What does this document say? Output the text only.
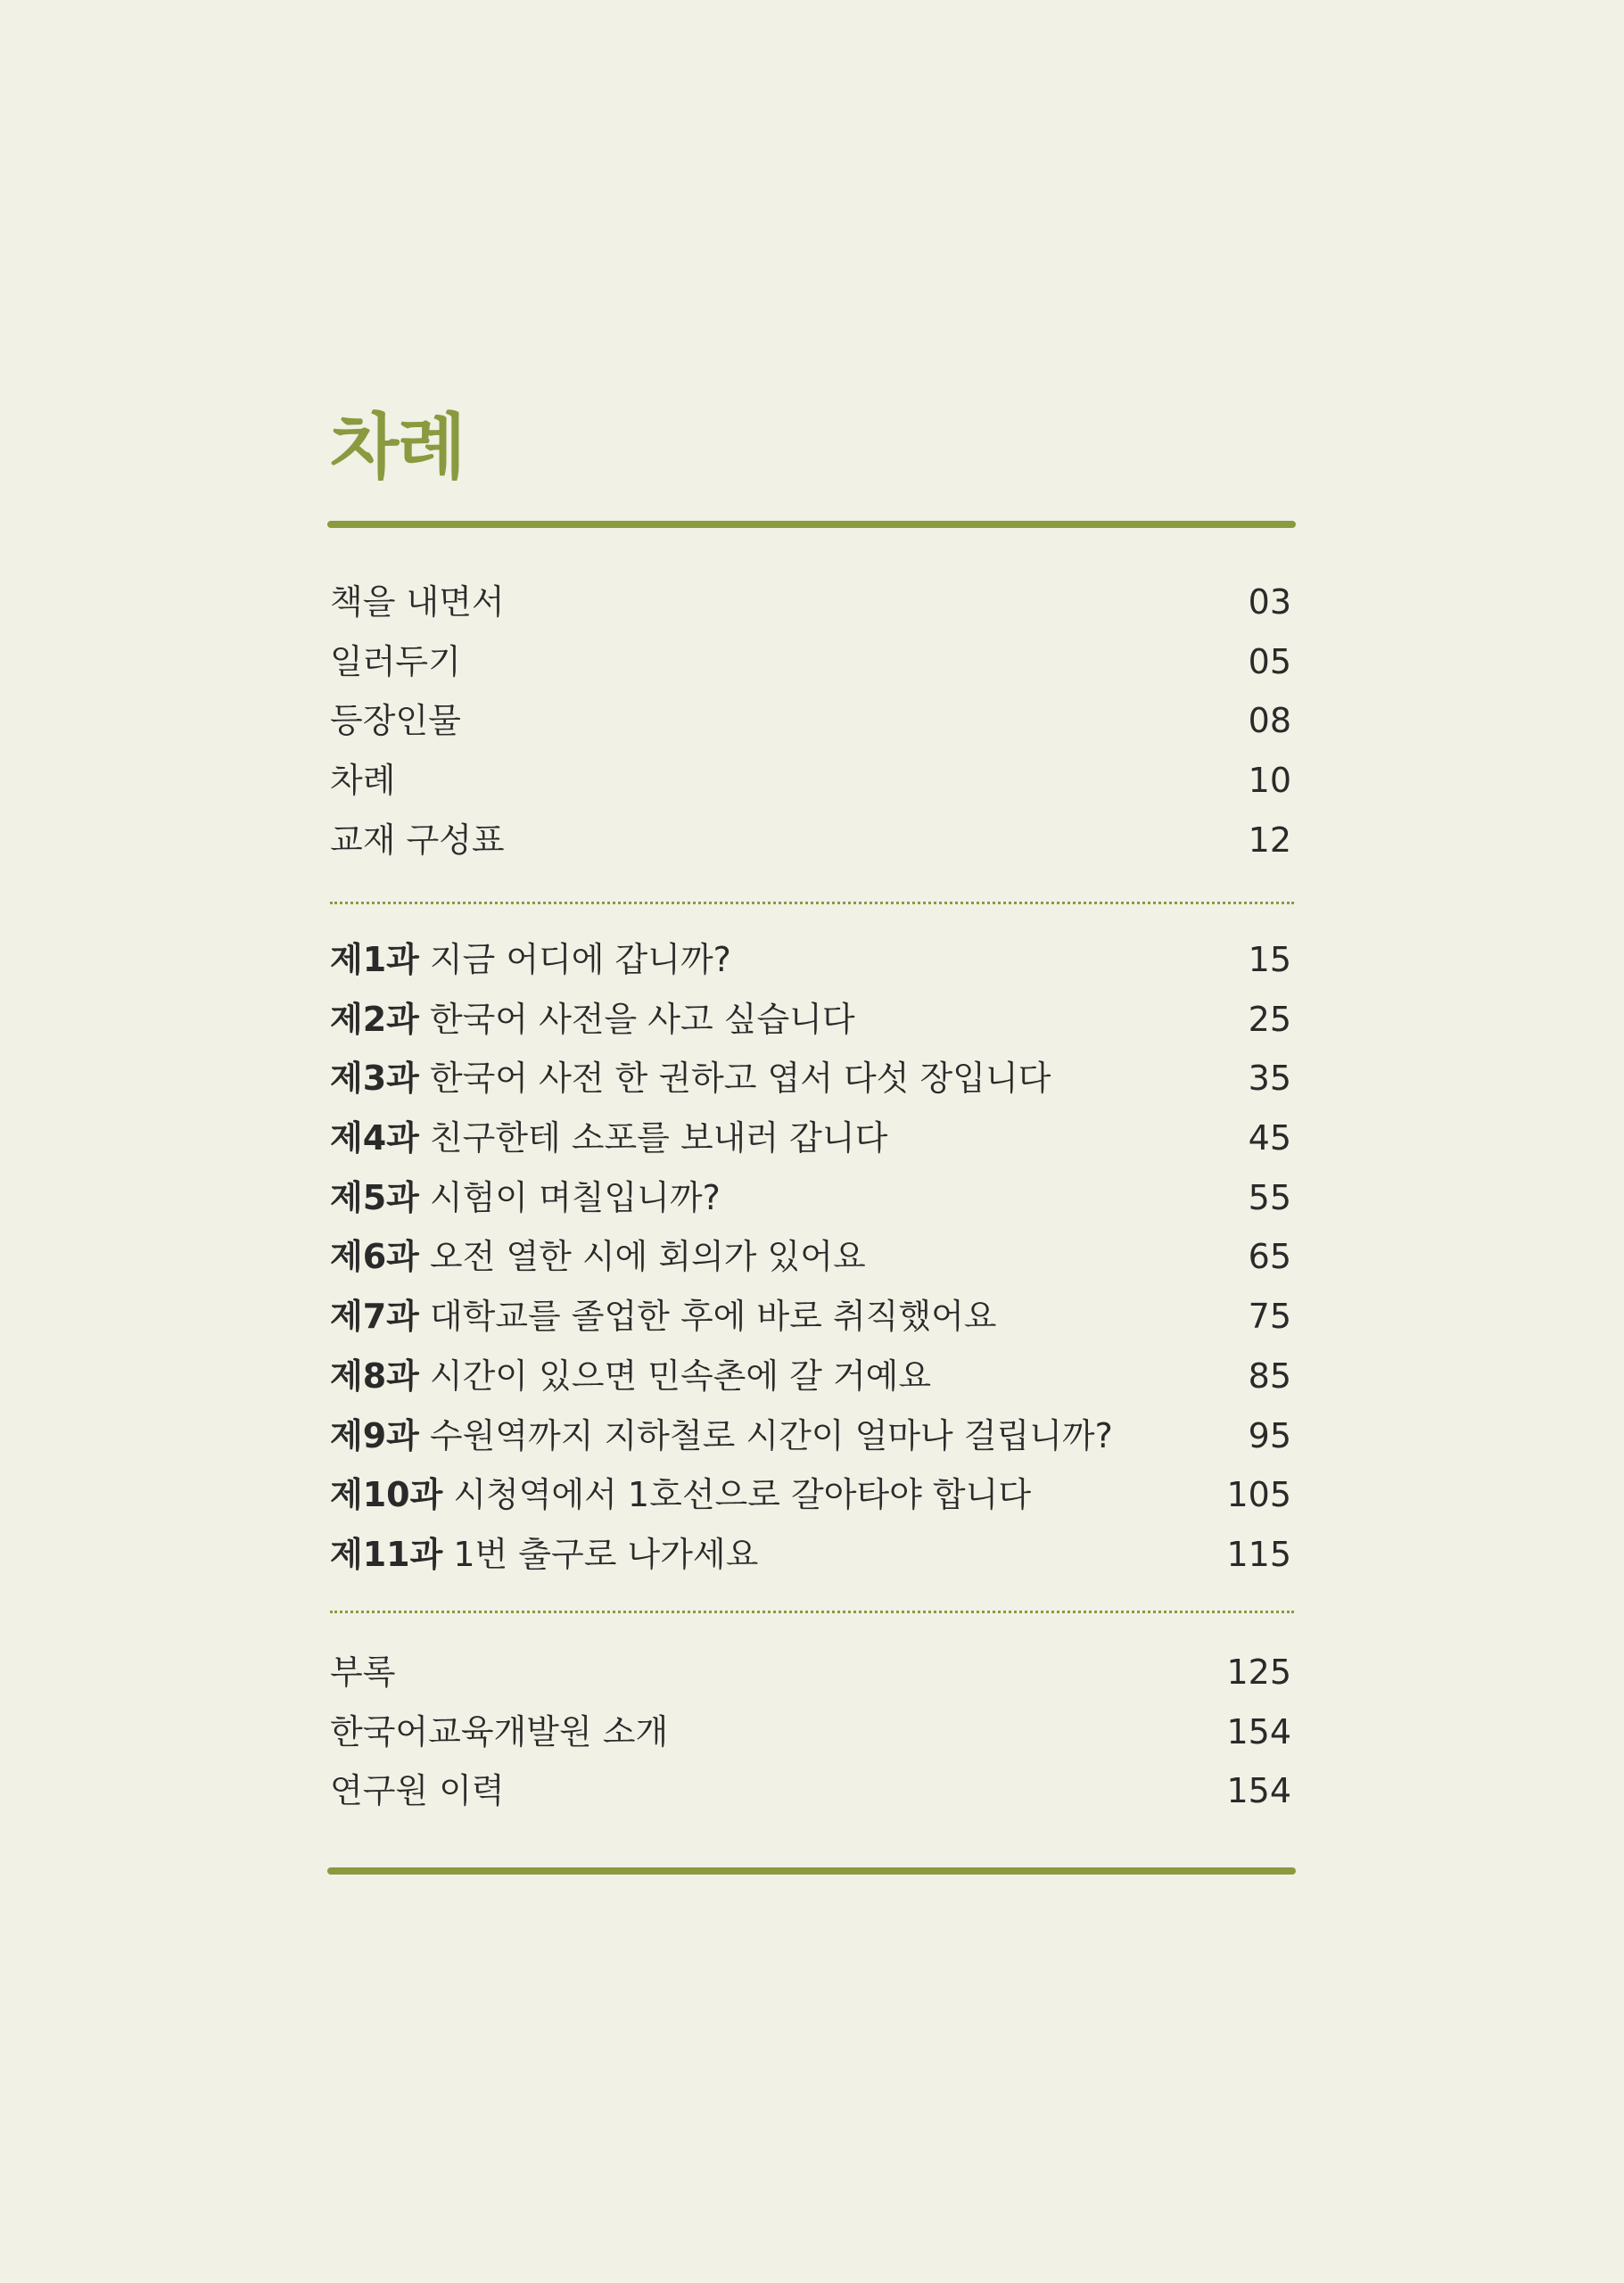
차례
책을 내면서	03
일러두기	05
등장인물	08
차례	10
교재 구성표	12
제1과 지금 어디에 갑니까?	15
제2과 한국어 사전을 사고 싶습니다	25
제3과 한국어 사전 한 권하고 엽서 다섯 장입니다	35
제4과 친구한테 소포를 보내러 갑니다	45
제5과 시험이 며칠입니까?	55
제6과 오전 열한 시에 회의가 있어요	65
제7과 대학교를 졸업한 후에 바로 취직했어요	75
제8과 시간이 있으면 민속촌에 갈 거예요	85
제9과 수원역까지 지하철로 시간이 얼마나 걸립니까?	95
제10과 시청역에서 1호선으로 갈아타야 합니다	105
제11과 1번 출구로 나가세요	115
부록	125
한국어교육개발원 소개	154
연구원 이력	154
